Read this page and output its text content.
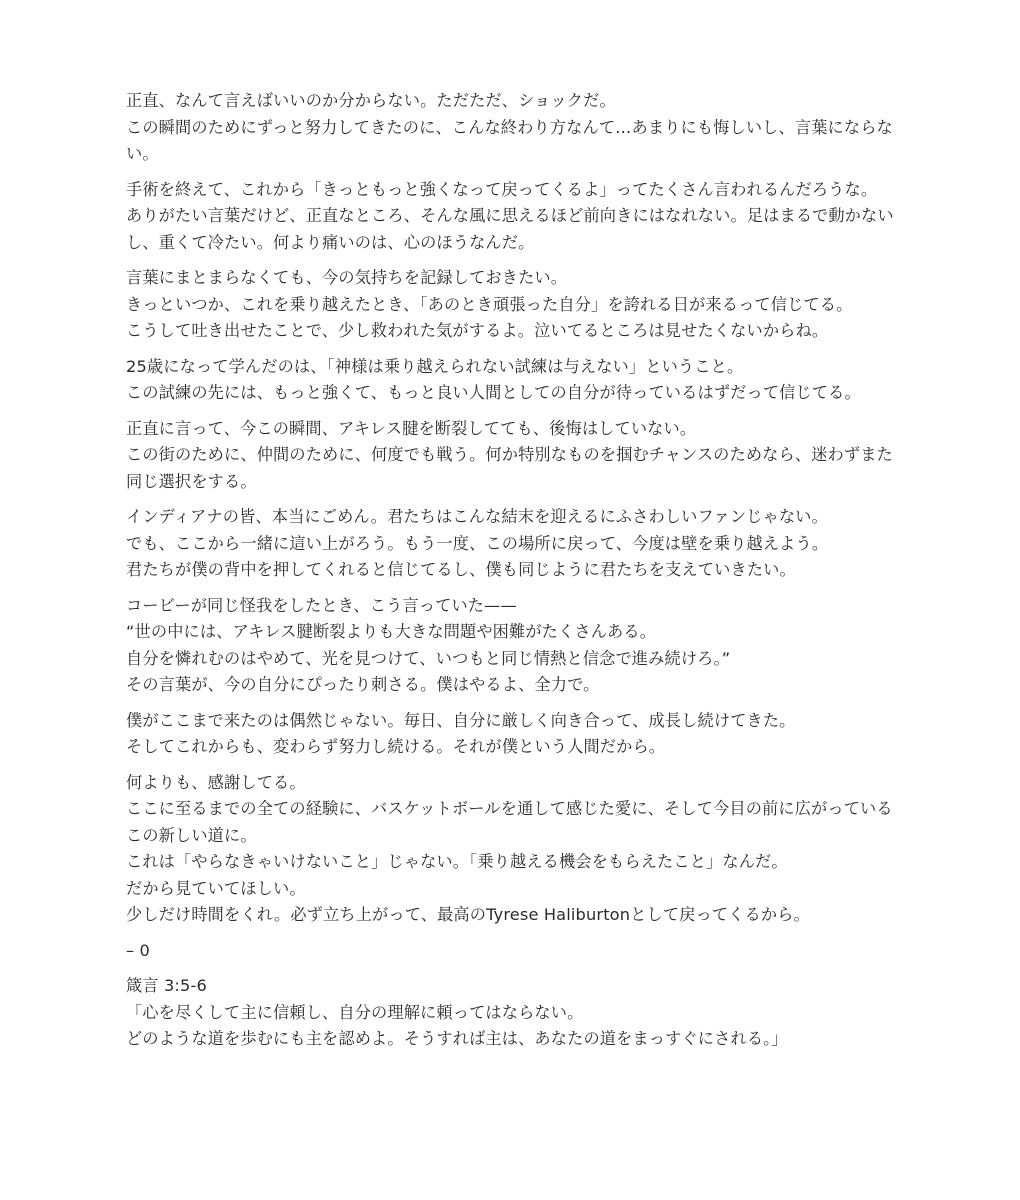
正直、なんて言えばいいのか分からない。ただただ、ショックだ。
この瞬間のためにずっと努力してきたのに、こんな終わり方なんて…あまりにも悔しいし、言葉にならない。
手術を終えて、これから「きっともっと強くなって戻ってくるよ」ってたくさん言われるんだろうな。
ありがたい言葉だけど、正直なところ、そんな風に思えるほど前向きにはなれない。足はまるで動かないし、重くて冷たい。何より痛いのは、心のほうなんだ。
言葉にまとまらなくても、今の気持ちを記録しておきたい。
きっといつか、これを乗り越えたとき、「あのとき頑張った自分」を誇れる日が来るって信じてる。
こうして吐き出せたことで、少し救われた気がするよ。泣いてるところは見せたくないからね。
25歳になって学んだのは、「神様は乗り越えられない試練は与えない」ということ。
この試練の先には、もっと強くて、もっと良い人間としての自分が待っているはずだって信じてる。
正直に言って、今この瞬間、アキレス腱を断裂してても、後悔はしていない。
この街のために、仲間のために、何度でも戦う。何か特別なものを掴むチャンスのためなら、迷わずまた同じ選択をする。
インディアナの皆、本当にごめん。君たちはこんな結末を迎えるにふさわしいファンじゃない。
でも、ここから一緒に這い上がろう。もう一度、この場所に戻って、今度は壁を乗り越えよう。
君たちが僕の背中を押してくれると信じてるし、僕も同じように君たちを支えていきたい。
コービーが同じ怪我をしたとき、こう言っていた——
“世の中には、アキレス腱断裂よりも大きな問題や困難がたくさんある。
自分を憐れむのはやめて、光を見つけて、いつもと同じ情熱と信念で進み続けろ。”
その言葉が、今の自分にぴったり刺さる。僕はやるよ、全力で。
僕がここまで来たのは偶然じゃない。毎日、自分に厳しく向き合って、成長し続けてきた。
そしてこれからも、変わらず努力し続ける。それが僕という人間だから。
何よりも、感謝してる。
ここに至るまでの全ての経験に、バスケットボールを通して感じた愛に、そして今目の前に広がっているこの新しい道に。
これは「やらなきゃいけないこと」じゃない。「乗り越える機会をもらえたこと」なんだ。
だから見ていてほしい。
少しだけ時間をくれ。必ず立ち上がって、最高のTyrese Haliburtonとして戻ってくるから。
– 0
箴言 3:5-6
「心を尽くして主に信頼し、自分の理解に頼ってはならない。
どのような道を歩むにも主を認めよ。そうすれば主は、あなたの道をまっすぐにされる。」
